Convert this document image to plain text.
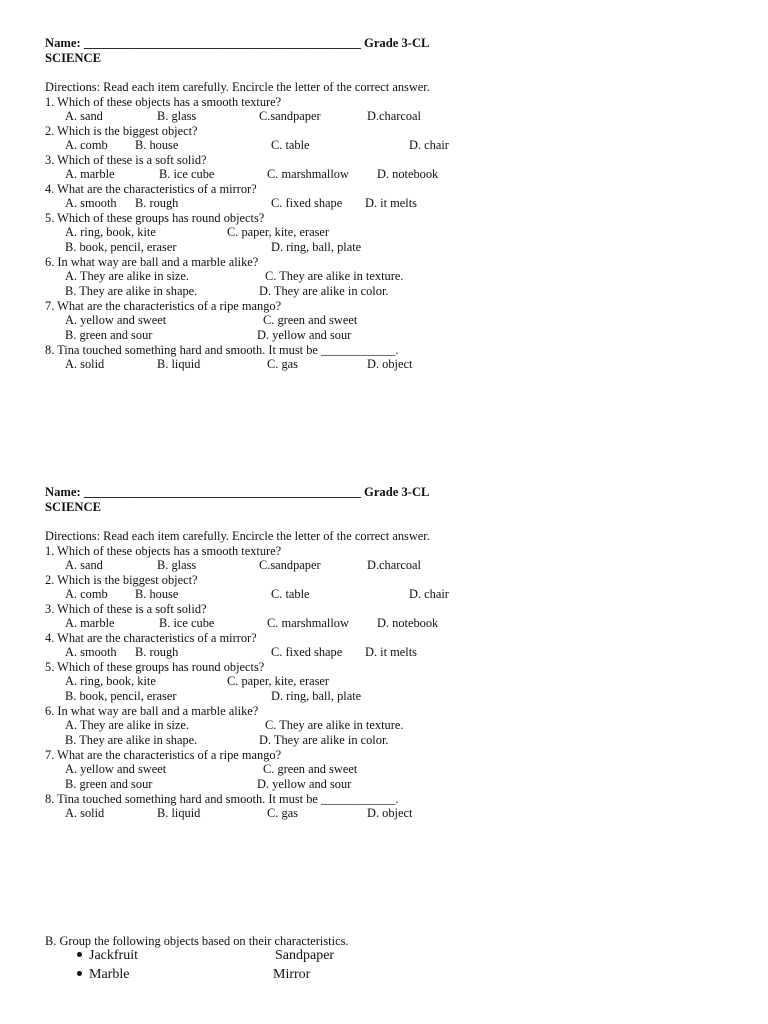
Name: ____________________________________________ Grade 3-CL
SCIENCE
Directions: Read each item carefully. Encircle the letter of the correct answer.
1. Which of these objects has a smooth texture?
A. sand	B. glass	C.sandpaper	D.charcoal
2. Which is the biggest object?
A. comb B. house	C. table	D. chair
3. Which of these is a soft solid?
A. marble	B. ice cube	C. marshmallow D. notebook
4. What are the characteristics of a mirror?
A. smooth B. rough	C. fixed shape D. it melts
5. Which of these groups has round objects?
A. ring, book, kite	C. paper, kite, eraser
B. book, pencil, eraser	D. ring, ball, plate
6. In what way are ball and a marble alike?
A. They are alike in size.	C. They are alike in texture.
B. They are alike in shape.	D. They are alike in color.
7. What are the characteristics of a ripe mango?
A. yellow and sweet	C. green and sweet
B. green and sour	D. yellow and sour
8. Tina touched something hard and smooth. It must be ____________.
A. solid	B. liquid	C. gas	D. object
Name: ____________________________________________ Grade 3-CL
SCIENCE
Directions: Read each item carefully. Encircle the letter of the correct answer.
1. Which of these objects has a smooth texture?
A. sand	B. glass	C.sandpaper	D.charcoal
2. Which is the biggest object?
A. comb B. house	C. table	D. chair
3. Which of these is a soft solid?
A. marble	B. ice cube	C. marshmallow D. notebook
4. What are the characteristics of a mirror?
A. smooth B. rough	C. fixed shape D. it melts
5. Which of these groups has round objects?
A. ring, book, kite	C. paper, kite, eraser
B. book, pencil, eraser	D. ring, ball, plate
6. In what way are ball and a marble alike?
A. They are alike in size.	C. They are alike in texture.
B. They are alike in shape.	D. They are alike in color.
7. What are the characteristics of a ripe mango?
A. yellow and sweet	C. green and sweet
B. green and sour	D. yellow and sour
8. Tina touched something hard and smooth. It must be ____________.
A. solid	B. liquid	C. gas	D. object
B. Group the following objects based on their characteristics.
Jackfruit	Sandpaper
Marble	Mirror
